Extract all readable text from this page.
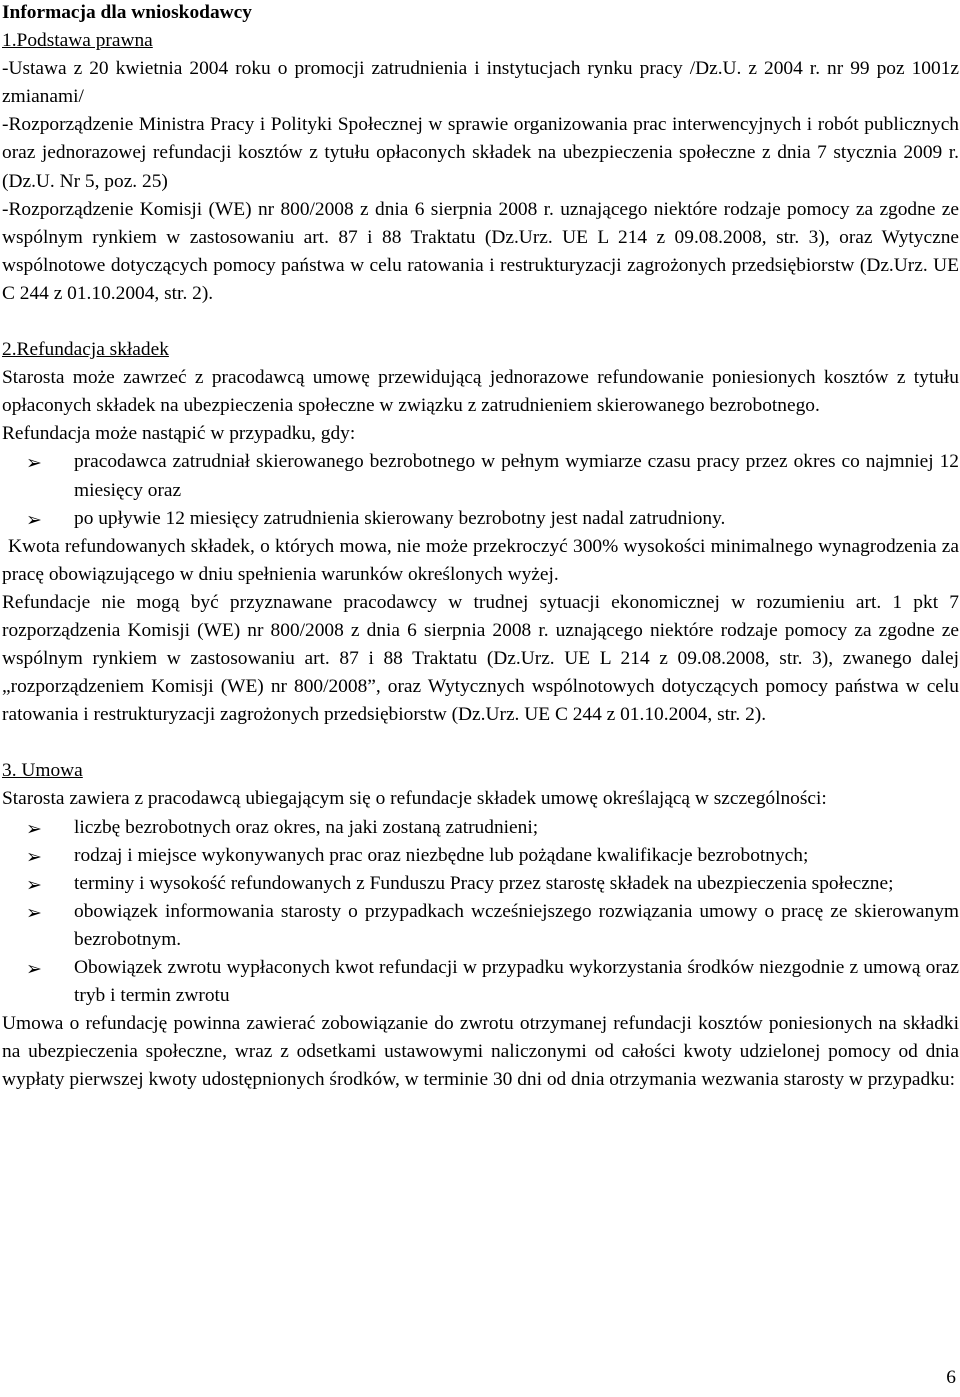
Informacja dla wnioskodawcy

1.Podstawa prawna

-Ustawa z 20 kwietnia 2004 roku o promocji zatrudnienia i instytucjach rynku pracy /Dz.U. z 2004 r. nr 99 poz 1001z zmianami/

-Rozporządzenie Ministra Pracy i Polityki Społecznej w sprawie organizowania prac interwencyjnych i robót publicznych oraz jednorazowej refundacji kosztów z tytułu opłaconych składek na ubezpieczenia społeczne z dnia 7 stycznia 2009 r. (Dz.U. Nr 5, poz. 25)

-Rozporządzenie Komisji (WE) nr 800/2008 z dnia 6 sierpnia 2008 r. uznającego niektóre rodzaje pomocy za zgodne ze wspólnym rynkiem w zastosowaniu art. 87 i 88 Traktatu (Dz.Urz. UE L 214 z 09.08.2008, str. 3), oraz Wytyczne wspólnotowe dotyczących pomocy państwa w celu ratowania i restrukturyzacji zagrożonych przedsiębiorstw (Dz.Urz. UE C 244 z 01.10.2004, str. 2).

2.Refundacja składek

Starosta może zawrzeć z pracodawcą umowę przewidującą jednorazowe refundowanie poniesionych kosztów z tytułu opłaconych składek na ubezpieczenia społeczne w związku z zatrudnieniem skierowanego bezrobotnego.

Refundacja może nastąpić w przypadku, gdy:

➢ pracodawca zatrudniał skierowanego bezrobotnego w pełnym wymiarze czasu pracy przez okres co najmniej 12 miesięcy oraz
➢ po upływie 12 miesięcy zatrudnienia skierowany bezrobotny jest nadal zatrudniony.

Kwota refundowanych składek, o których mowa, nie może przekroczyć 300% wysokości minimalnego wynagrodzenia za pracę obowiązującego w dniu spełnienia warunków określonych wyżej.

Refundacje nie mogą być przyznawane pracodawcy w trudnej sytuacji ekonomicznej w rozumieniu art. 1 pkt 7 rozporządzenia Komisji (WE) nr 800/2008 z dnia 6 sierpnia 2008 r. uznającego niektóre rodzaje pomocy za zgodne ze wspólnym rynkiem w zastosowaniu art. 87 i 88 Traktatu (Dz.Urz. UE L 214 z 09.08.2008, str. 3), zwanego dalej „rozporządzeniem Komisji (WE) nr 800/2008”, oraz Wytycznych wspólnotowych dotyczących pomocy państwa w celu ratowania i restrukturyzacji zagrożonych przedsiębiorstw (Dz.Urz. UE C 244 z 01.10.2004, str. 2).

3. Umowa

Starosta zawiera z pracodawcą ubiegającym się o refundacje składek umowę określającą w szczególności:

➢ liczbę bezrobotnych oraz okres, na jaki zostaną zatrudnieni;
➢ rodzaj i miejsce wykonywanych prac oraz niezbędne lub pożądane kwalifikacje bezrobotnych;
➢ terminy i wysokość refundowanych z Funduszu Pracy przez starostę składek na ubezpieczenia społeczne;
➢ obowiązek informowania starosty o przypadkach wcześniejszego rozwiązania umowy o pracę ze skierowanym bezrobotnym.
➢ Obowiązek zwrotu wypłaconych kwot refundacji w przypadku wykorzystania środków niezgodnie z umową oraz tryb i termin zwrotu

Umowa o refundację powinna zawierać zobowiązanie do zwrotu otrzymanej refundacji kosztów poniesionych na składki na ubezpieczenia społeczne, wraz z odsetkami ustawowymi naliczonymi od całości kwoty udzielonej pomocy od dnia wypłaty pierwszej kwoty udostępnionych środków, w terminie 30 dni od dnia otrzymania wezwania starosty w przypadku:

6
